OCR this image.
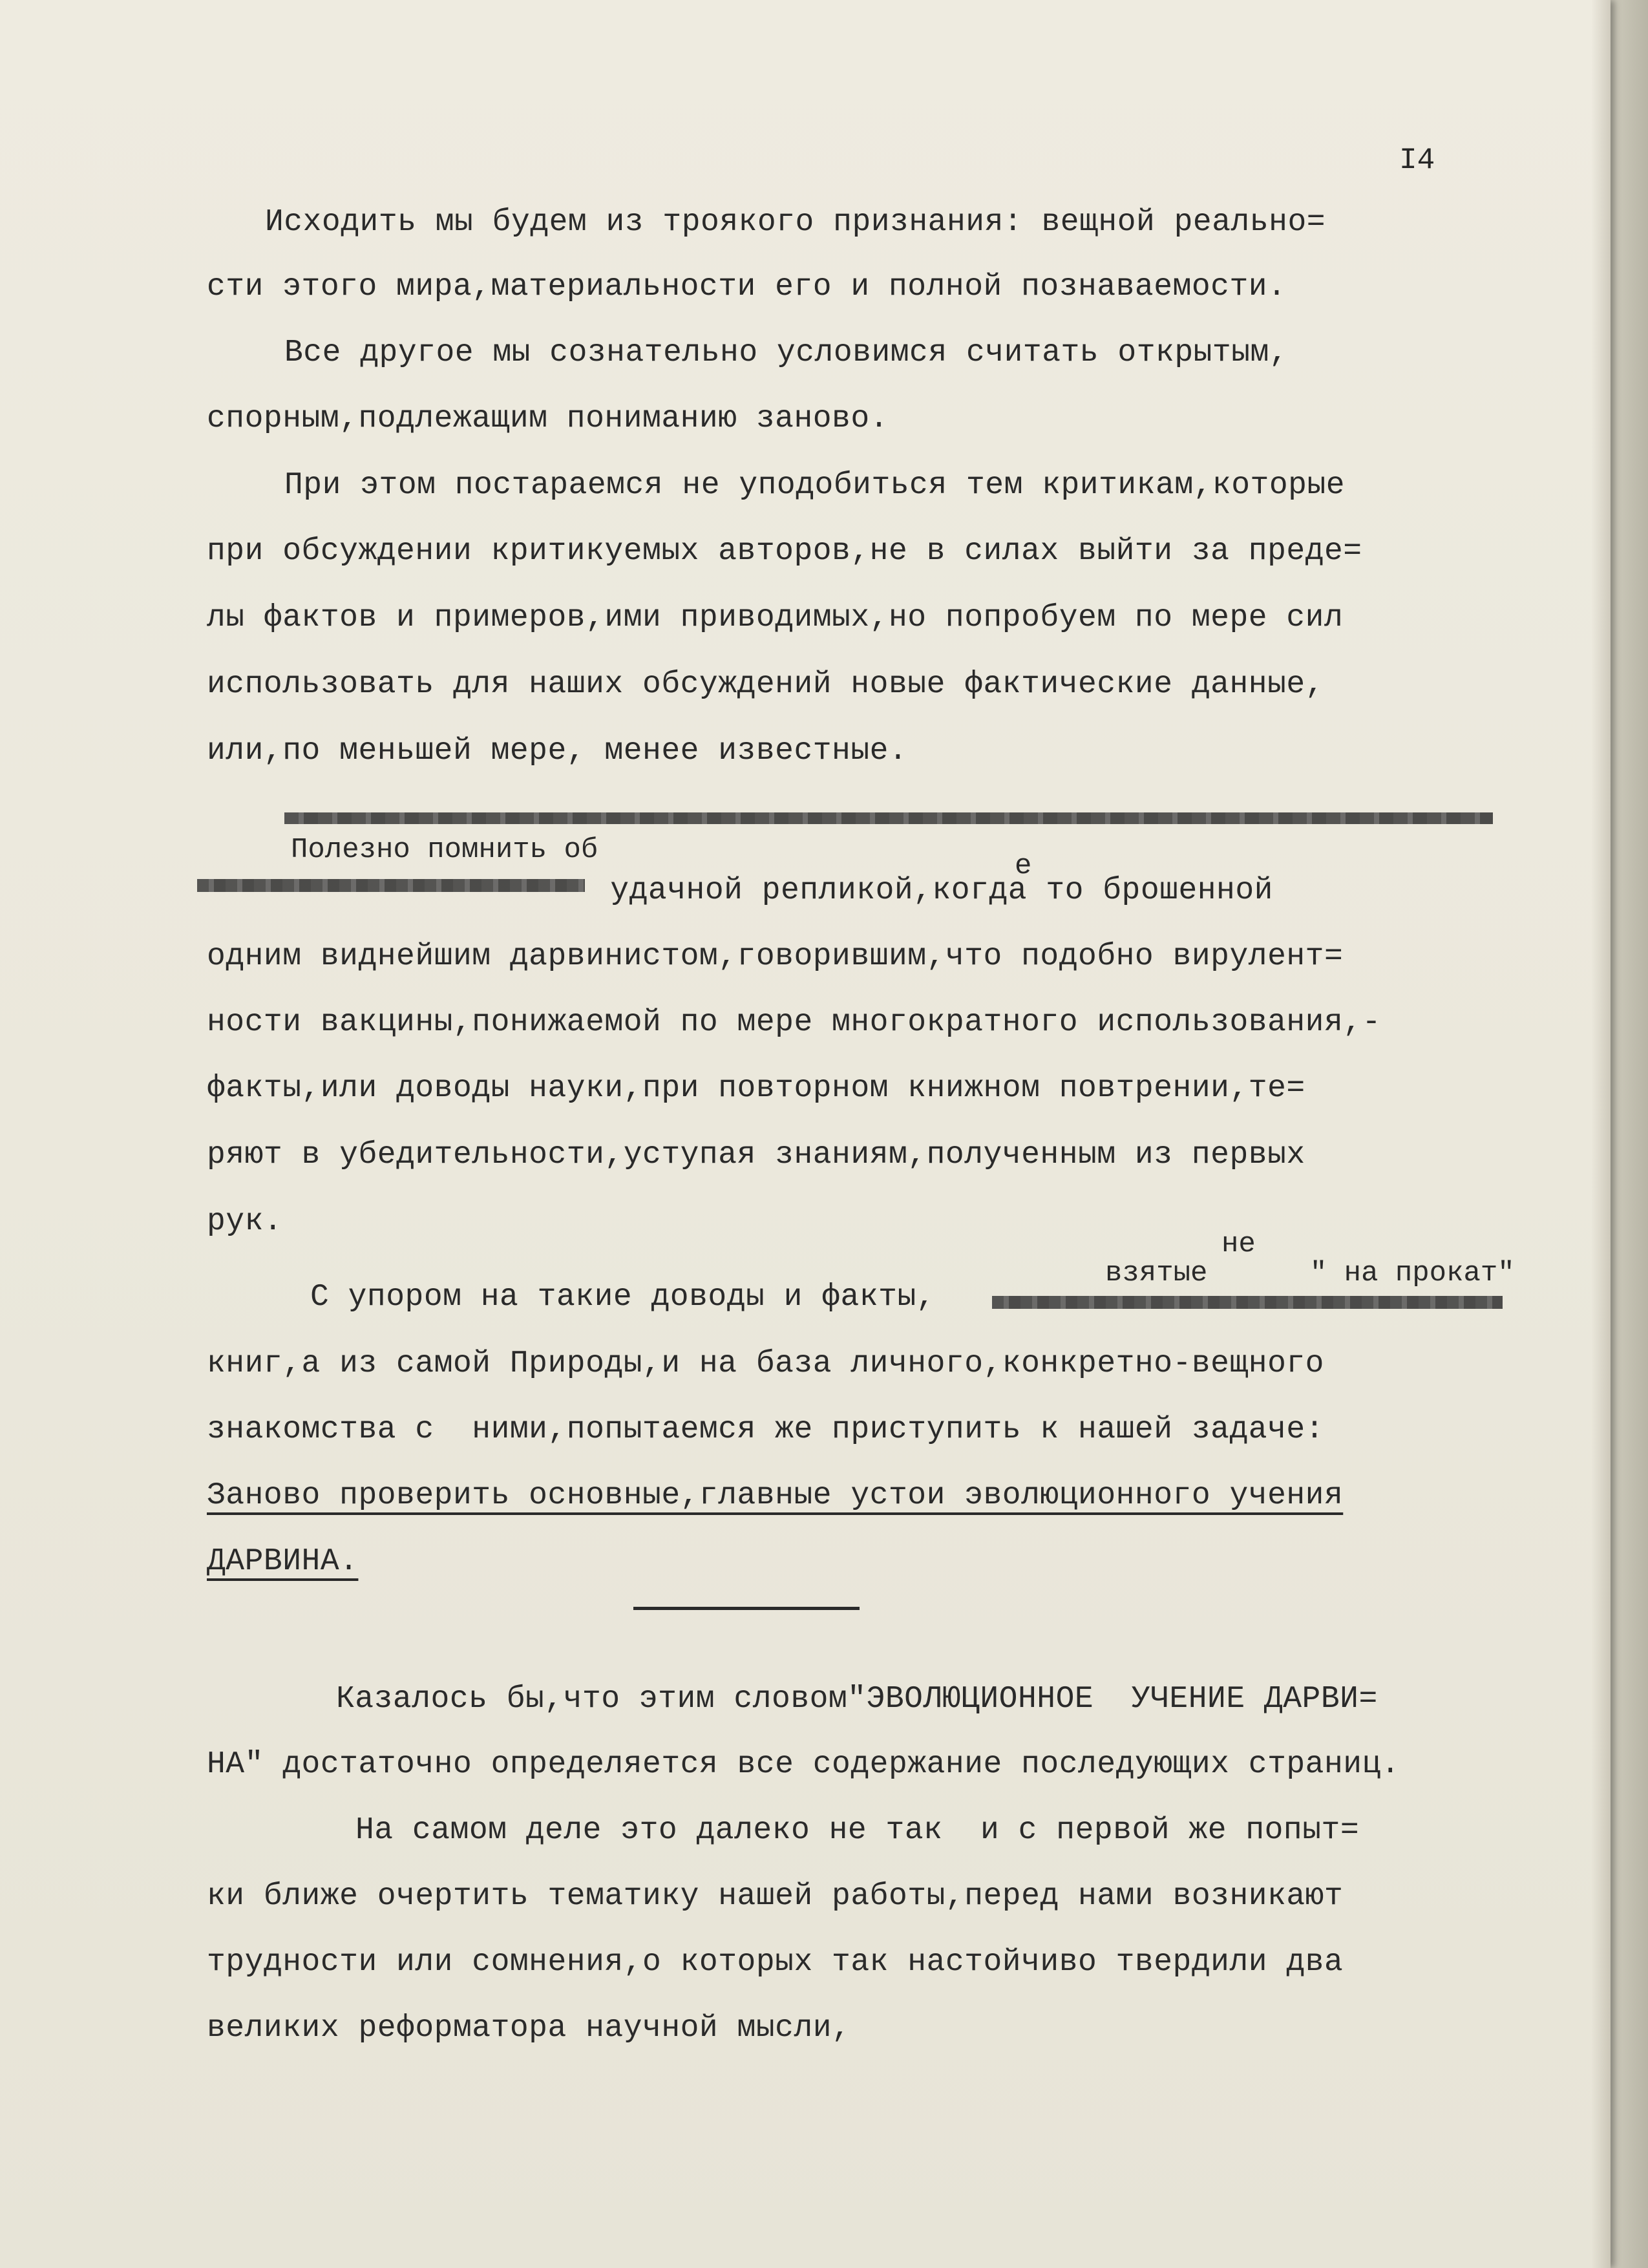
I4
Исходить мы будем из троякого признания: вещной реально=
сти этого мира,материальности его и полной познаваемости.
Все другое мы сознательно условимся считать открытым,
спорным,подлежащим пониманию заново.
При этом постараемся не уподобиться тем критикам,которые
при обсуждении критикуемых авторов,не в силах выйти за преде=
лы фактов и примеров,ими приводимых,но попробуем по мере сил
использовать для наших обсуждений новые фактические данные,
или,по меньшей мере, менее известные.
Полезно помнить об	е
удачной репликой,когда то брошенной
одним виднейшим дарвинистом,говорившим,что подобно вирулент=
ности вакцины,понижаемой по мере многократного использования,-
факты,или доводы науки,при повторном книжном повтрении,те=
ряют в убедительности,уступая знаниям,полученным из первых
рук.
не
взятые      " на прокат"
С упором на такие доводы и факты,
книг,а из самой Природы,и на база личного,конкретно-вещного
знакомства с  ними,попытаемся же приступить к нашей задаче:
Заново проверить основные,главные устои эволюционного учения
ДАРВИНА.
Казалось бы,что этим словом"ЭВОЛЮЦИОННОЕ  УЧЕНИЕ ДАРВИ=
НА" достаточно определяется все содержание последующих страниц.
На самом деле это далеко не так  и с первой же попыт=
ки ближе очертить тематику нашей работы,перед нами возникают
трудности или сомнения,о которых так настойчиво твердили два
великих реформатора научной мысли,
